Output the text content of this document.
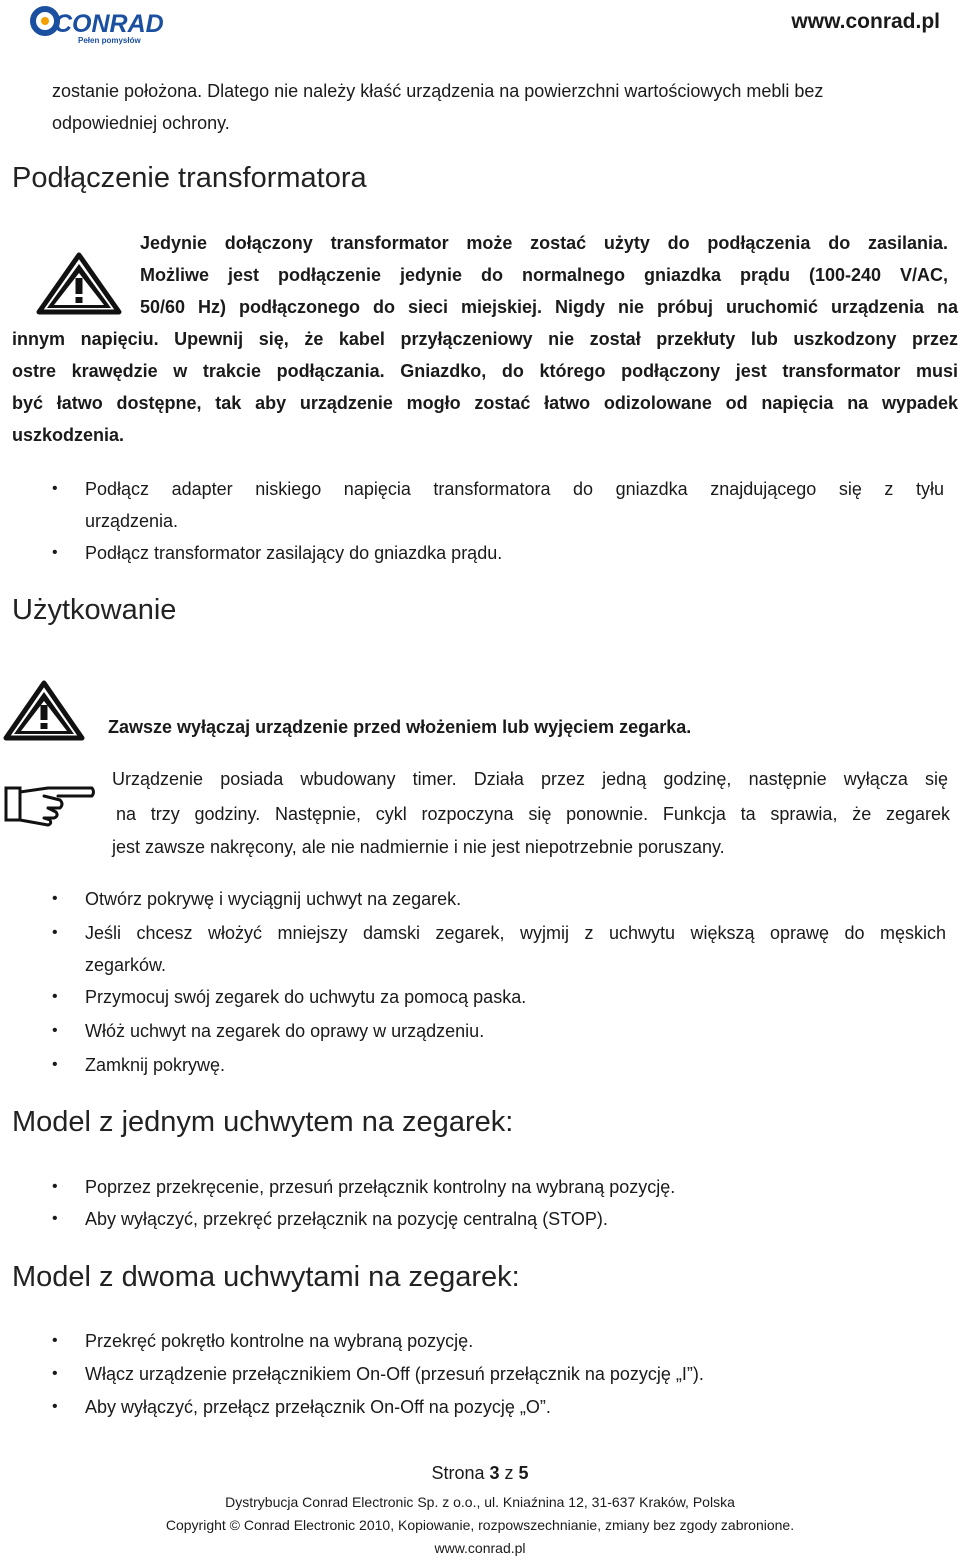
CONRAD
Pełen pomysłów
www.conrad.pl
zostanie położona. Dlatego nie należy kłaść urządzenia na powierzchni wartościowych mebli bez
odpowiedniej ochrony.
Podłączenie transformatora
Jedynie dołączony transformator może zostać użyty do podłączenia do zasilania.
Możliwe jest podłączenie jedynie do normalnego gniazdka prądu (100-240 V/AC,
50/60 Hz) podłączonego do sieci miejskiej. Nigdy nie próbuj uruchomić urządzenia na
innym napięciu. Upewnij się, że kabel przyłączeniowy nie został przekłuty lub uszkodzony przez
ostre krawędzie w trakcie podłączania. Gniazdko, do którego podłączony jest transformator musi
być łatwo dostępne, tak aby urządzenie mogło zostać łatwo odizolowane od napięcia na wypadek
uszkodzenia.
Podłącz adapter niskiego napięcia transformatora do gniazdka znajdującego się z tyłu
urządzenia.
Podłącz transformator zasilający do gniazdka prądu.
Użytkowanie
Zawsze wyłączaj urządzenie przed włożeniem lub wyjęciem zegarka.
Urządzenie posiada wbudowany timer. Działa przez jedną godzinę, następnie wyłącza się
na trzy godziny. Następnie, cykl rozpoczyna się ponownie. Funkcja ta sprawia, że zegarek
jest zawsze nakręcony, ale nie nadmiernie i nie jest niepotrzebnie poruszany.
Otwórz pokrywę i wyciągnij uchwyt na zegarek.
Jeśli chcesz włożyć mniejszy damski zegarek, wyjmij z uchwytu większą oprawę do męskich
zegarków.
Przymocuj swój zegarek do uchwytu za pomocą paska.
Włóż uchwyt na zegarek do oprawy w urządzeniu.
Zamknij pokrywę.
Model z jednym uchwytem na zegarek:
Poprzez przekręcenie, przesuń przełącznik kontrolny na wybraną pozycję.
Aby wyłączyć, przekręć przełącznik na pozycję centralną (STOP).
Model z dwoma uchwytami na zegarek:
Przekręć pokrętło kontrolne na wybraną pozycję.
Włącz urządzenie przełącznikiem On-Off (przesuń przełącznik na pozycję „I”).
Aby wyłączyć, przełącz przełącznik On-Off na pozycję „O”.
Strona 3 z 5
Dystrybucja Conrad Electronic Sp. z o.o., ul. Kniaźnina 12, 31-637 Kraków, Polska
Copyright © Conrad Electronic 2010, Kopiowanie, rozpowszechnianie, zmiany bez zgody zabronione.
www.conrad.pl
